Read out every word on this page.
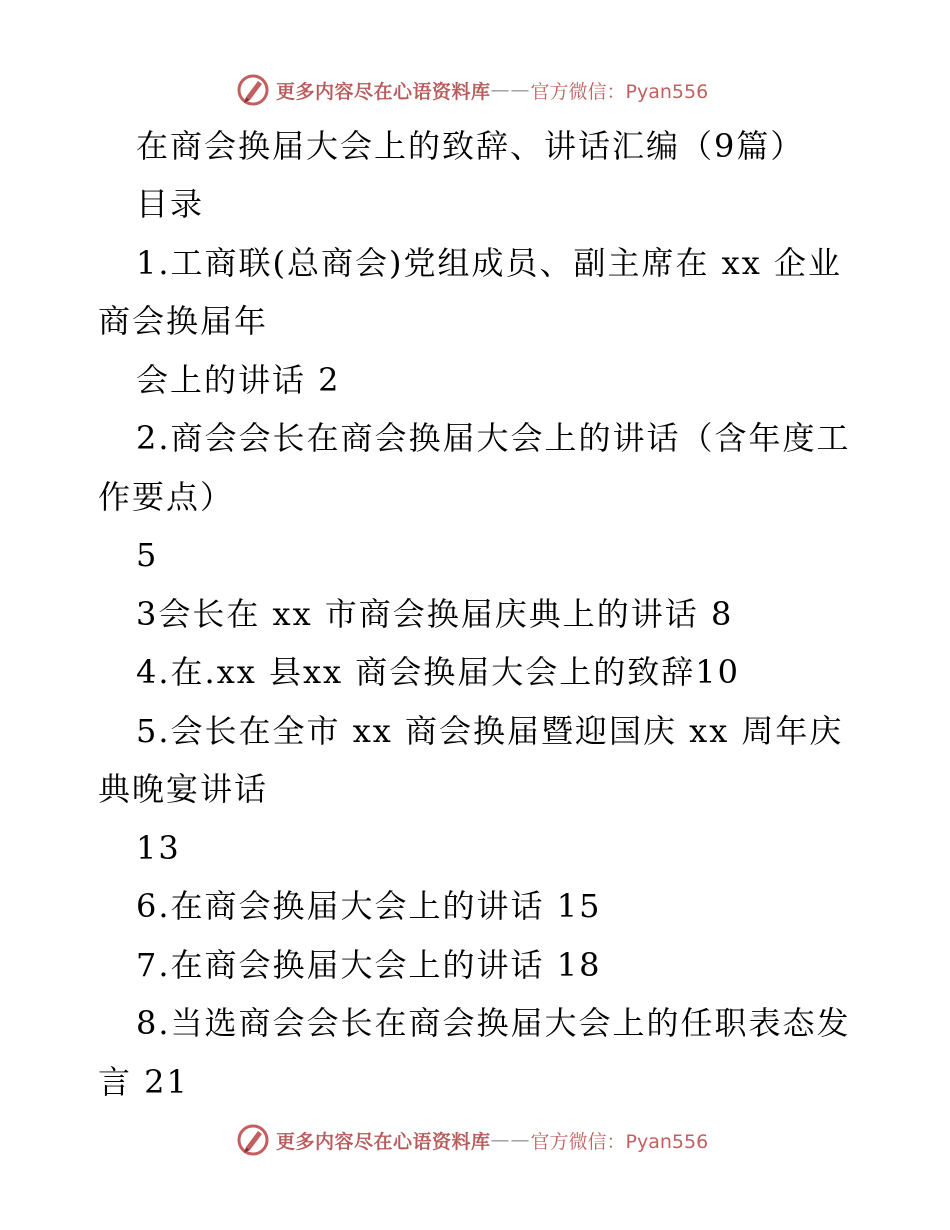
更多内容尽在心语资料库 —— 官方微信：Pyan556
在商会换届大会上的致辞、讲话汇编（9篇）
目录
1.工商联(总商会)党组成员、副主席在 xx 企业
商会换届年
会上的讲话 2
2.商会会长在商会换届大会上的讲话（含年度工
作要点）
5
3会长在 xx 市商会换届庆典上的讲话 8
4.在.xx 县xx 商会换届大会上的致辞10
5.会长在全市 xx 商会换届暨迎国庆 xx 周年庆
典晚宴讲话
13
6.在商会换届大会上的讲话 15
7.在商会换届大会上的讲话 18
8.当选商会会长在商会换届大会上的任职表态发
言 21
更多内容尽在心语资料库 —— 官方微信：Pyan556
